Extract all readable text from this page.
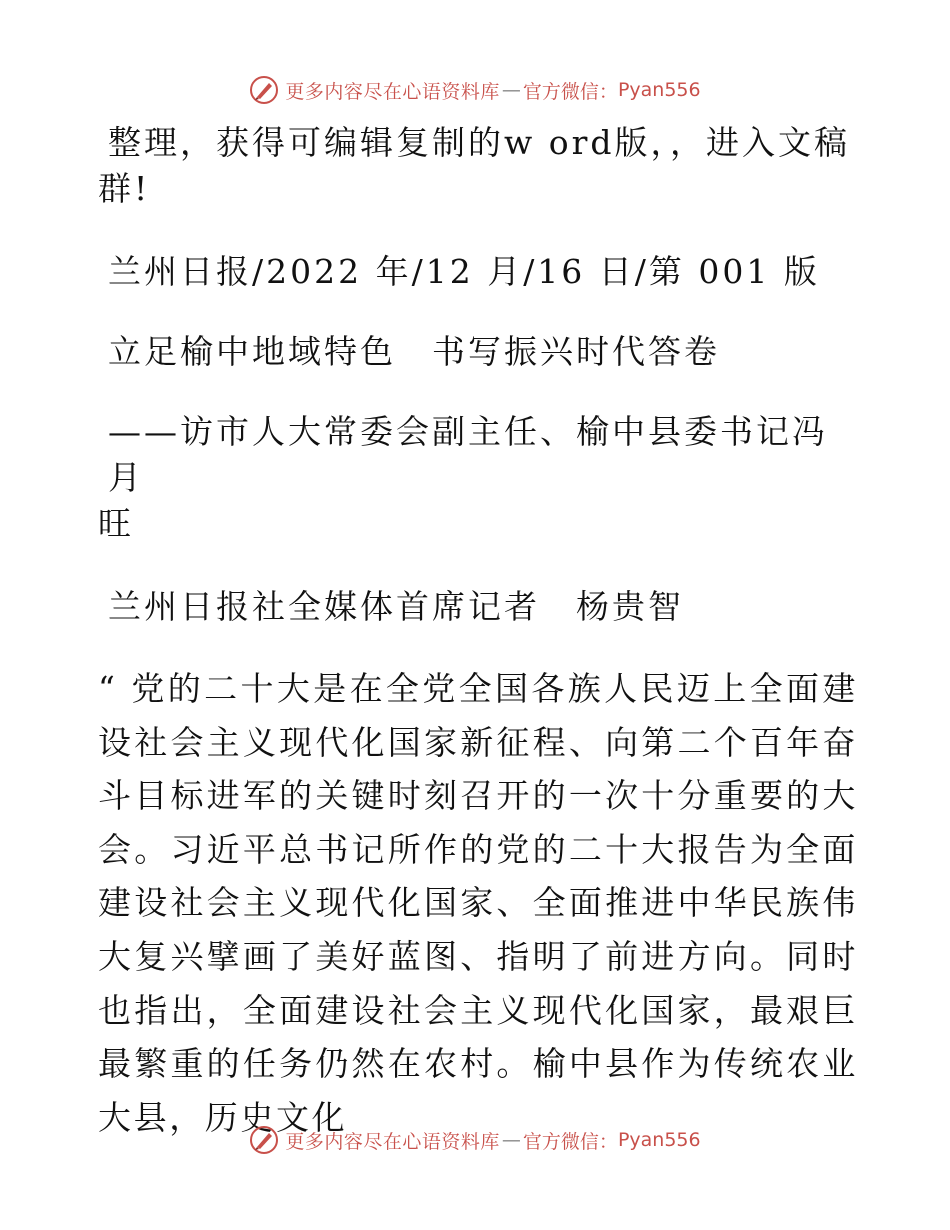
更多内容尽在心语资料库 — 官方微信： Pyan556

整理，获得可编辑复制的w ord版，，进入文稿

群!

兰州日报/2022 年/12 月/16 日/第 001 版

立足榆中地域特色　书写振兴时代答卷

——访市人大常委会副主任、榆中县委书记冯月

旺

兰州日报社全媒体首席记者　杨贵智

“ 党的二十大是在全党全国各族人民迈上全面建设社会主义现代化国家新征程、向第二个百年奋斗目标进军的关键时刻召开的一次十分重要的大会。习近平总书记所作的党的二十大报告为全面建设社会主义现代化国家、全面推进中华民族伟大复兴擘画了美好蓝图、指明了前进方向。同时也指出，全面建设社会主义现代化国家，最艰巨最繁重的任务仍然在农村。榆中县作为传统农业大县，历史文化

更多内容尽在心语资料库 — 官方微信： Pyan556
